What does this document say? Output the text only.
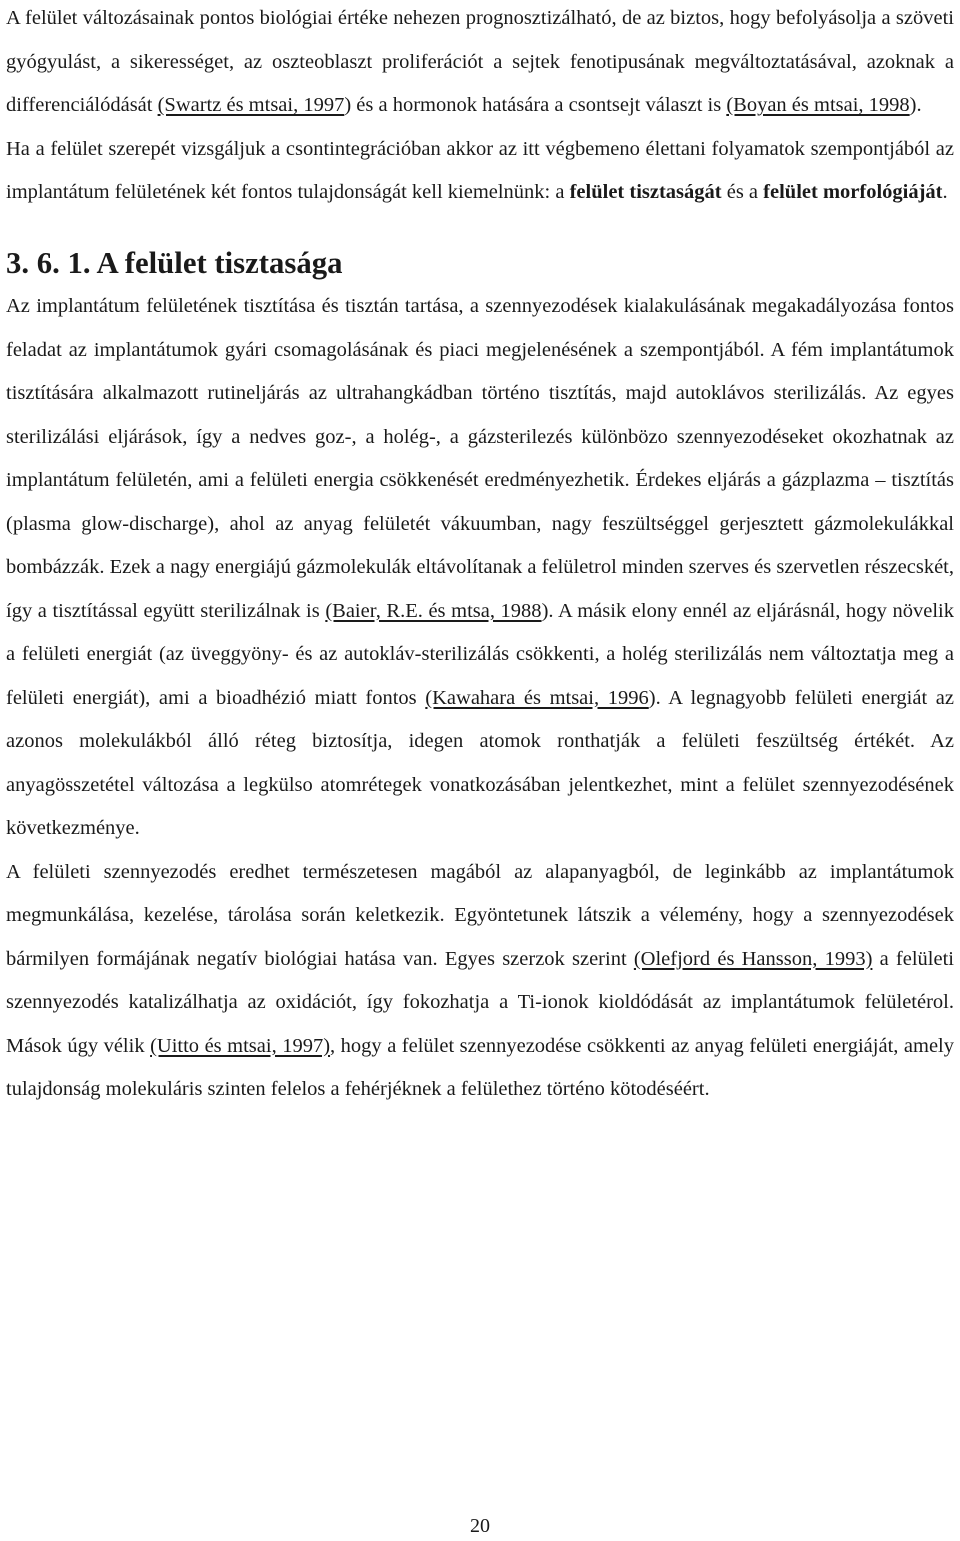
A felület változásainak pontos biológiai értéke nehezen prognosztizálható, de az biztos, hogy befolyásolja a szöveti gyógyulást, a sikerességet, az oszteoblaszt proliferációt a sejtek fenotipusának megváltoztatásával, azoknak a differenciálódását (Swartz és mtsai, 1997) és a hormonok hatására a csontsejt választ is (Boyan és mtsai, 1998).

Ha a felület szerepét vizsgáljuk a csontintegrációban akkor az itt végbemeno élettani folyamatok szempontjából az implantátum felületének két fontos tulajdonságát kell kiemelnünk: a felület tisztaságát és a felület morfológiáját.

3. 6. 1. A felület tisztasága

Az implantátum felületének tisztítása és tisztán tartása, a szennyezodések kialakulásának megakadályozása fontos feladat az implantátumok gyári csomagolásának és piaci megjelenésének a szempontjából. A fém implantátumok tisztítására alkalmazott rutineljárás az ultrahangkádban történo tisztítás, majd autoklávos sterilizálás. Az egyes sterilizálási eljárások, így a nedves goz-, a holég-, a gázsterilezés különbözo szennyezodéseket okozhatnak az implantátum felületén, ami a felületi energia csökkenését eredményezhetik. Érdekes eljárás a gázplazma – tisztítás (plasma glow-discharge), ahol az anyag felületét vákuumban, nagy feszültséggel gerjesztett gázmolekulákkal bombázzák. Ezek a nagy energiájú gázmolekulák eltávolítanak a felületrol minden szerves és szervetlen részecskét, így a tisztítással együtt sterilizálnak is (Baier, R.E. és mtsa, 1988). A másik elony ennél az eljárásnál, hogy növelik a felületi energiát (az üveggyöny- és az autokláv-sterilizálás csökkenti, a holég sterilizálás nem változtatja meg a felületi energiát), ami a bioadhézió miatt fontos (Kawahara és mtsai, 1996). A legnagyobb felületi energiát az azonos molekulákból álló réteg biztosítja, idegen atomok ronthatják a felületi feszültség értékét. Az anyagösszetétel változása a legkülso atomrétegek vonatkozásában jelentkezhet, mint a felület szennyezodésének következménye.

A felületi szennyezodés eredhet természetesen magából az alapanyagból, de leginkább az implantátumok megmunkálása, kezelése, tárolása során keletkezik. Egyöntetunek látszik a vélemény, hogy a szennyezodések bármilyen formájának negatív biológiai hatása van. Egyes szerzok szerint (Olefjord és Hansson, 1993) a felületi szennyezodés katalizálhatja az oxidációt, így fokozhatja a Ti-ionok kioldódását az implantátumok felületérol. Mások úgy vélik (Uitto és mtsai, 1997), hogy a felület szennyezodése csökkenti az anyag felületi energiáját, amely tulajdonság molekuláris szinten felelos a fehérjéknek a felülethez történo kötodéséért.

20
